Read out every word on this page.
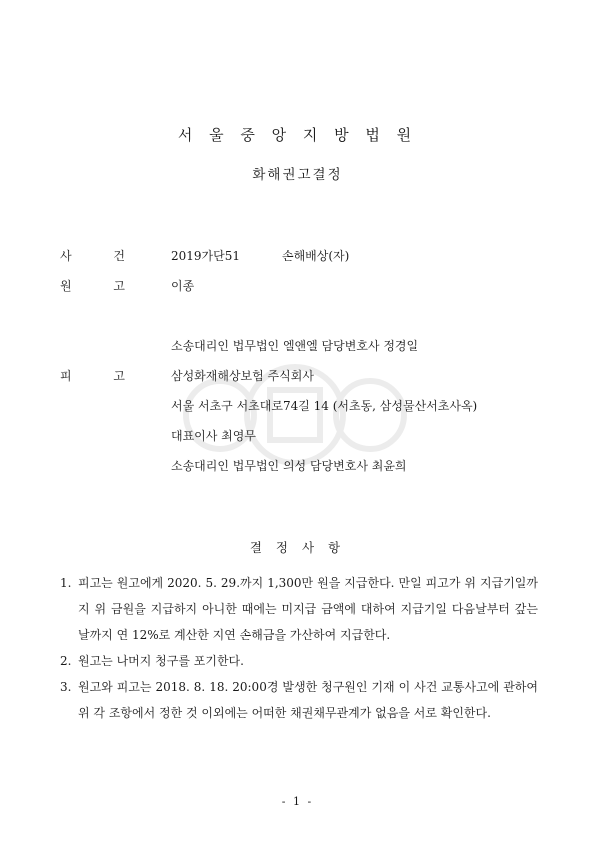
서 울 중 앙 지 방 법 원
화해권고결정
사	건	2019가단51	손해배상(자)
원	고	이종
소송대리인 법무법인 엘앤엘 담당변호사 정경일
피	고	삼성화재해상보험 주식회사
서울 서초구 서초대로74길 14 (서초동, 삼성물산서초사옥)
대표이사 최영무
소송대리인 법무법인 의성 담당변호사 최윤희
결 정 사 항
1. 피고는 원고에게 2020. 5. 29.까지 1,300만 원을 지급한다. 만일 피고가 위 지급기일까지 위 금원을 지급하지 아니한 때에는 미지급 금액에 대하여 지급기일 다음날부터 갚는 날까지 연 12%로 계산한 지연 손해금을 가산하여 지급한다.
2. 원고는 나머지 청구를 포기한다.
3. 원고와 피고는 2018. 8. 18. 20:00경 발생한 청구원인 기재 이 사건 교통사고에 관하여 위 각 조항에서 정한 것 이외에는 어떠한 채권채무관계가 없음을 서로 확인한다.
- 1 -
